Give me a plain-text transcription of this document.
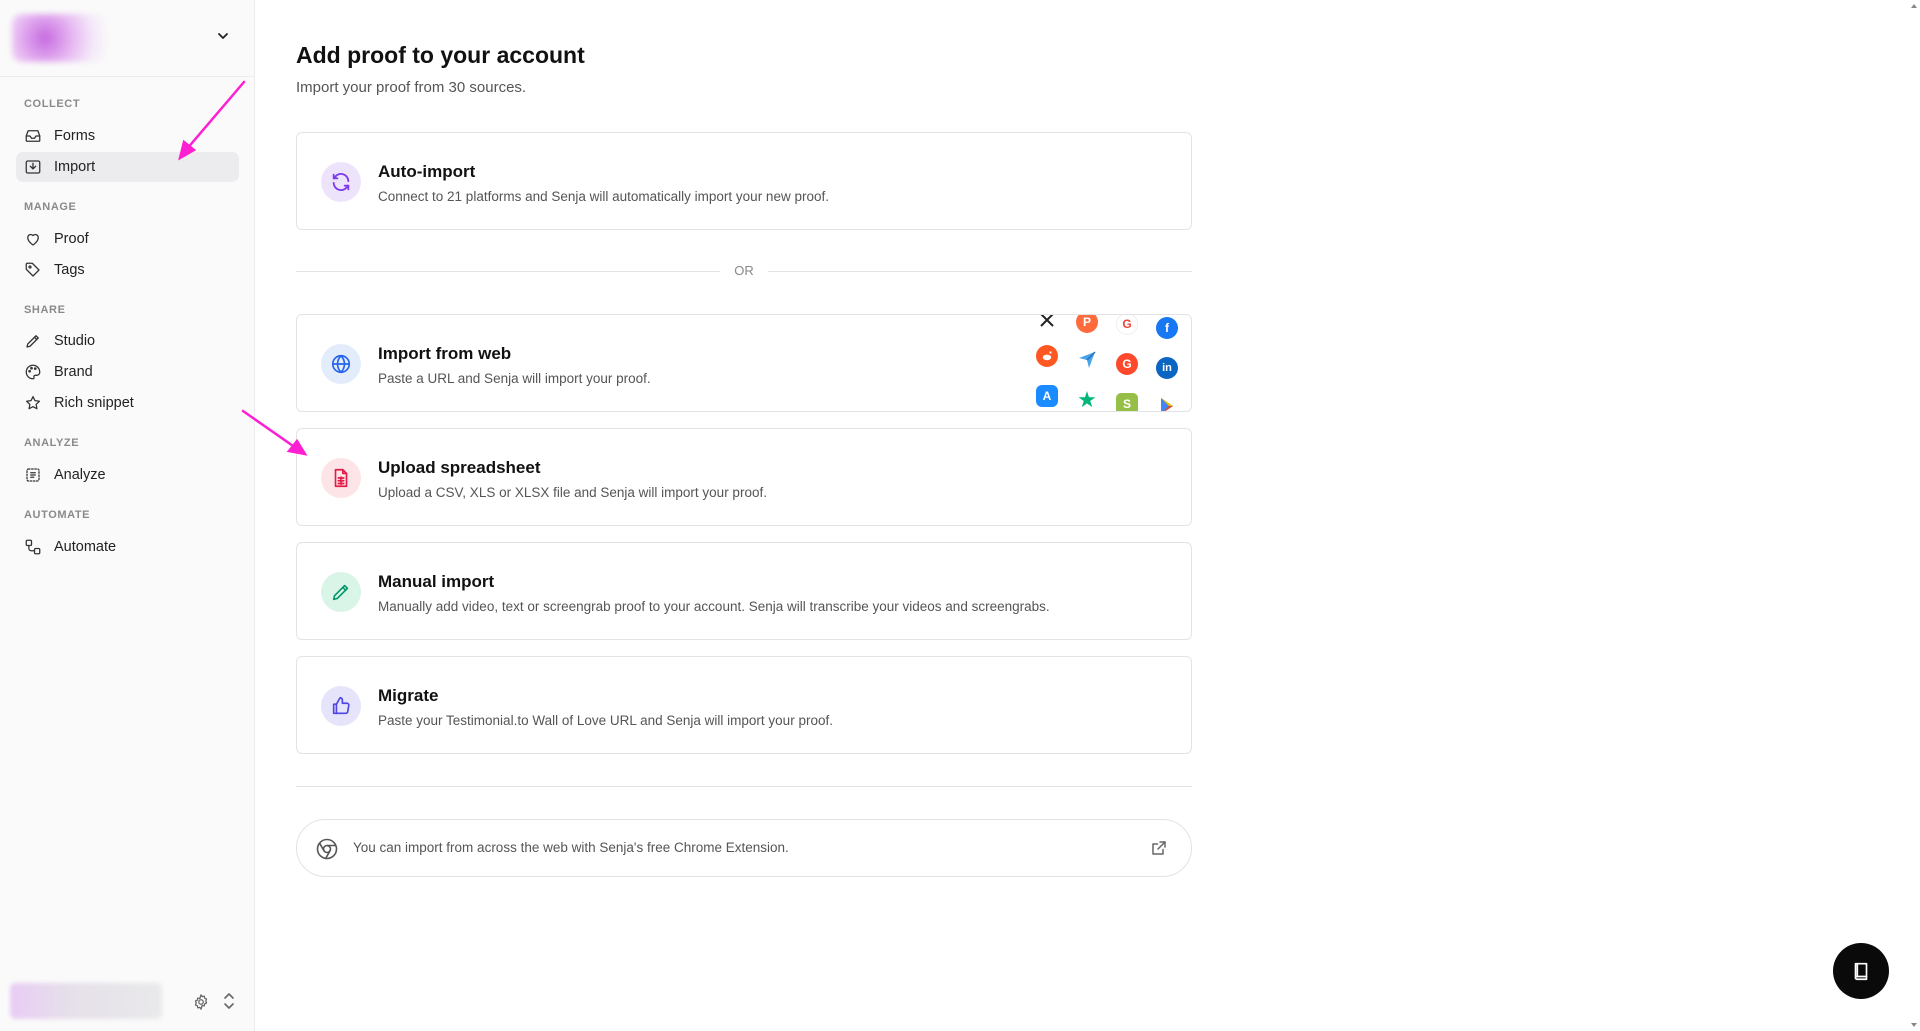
COLLECT
Forms
Import
MANAGE
Proof
Tags
SHARE
Studio
Brand
Rich snippet
ANALYZE
Analyze
AUTOMATE
Automate
Add proof to your account

Import your proof from 30 sources.

Auto-import
Connect to 21 platforms and Senja will automatically import your new proof.
OR
Import from web
Paste a URL and Senja will import your proof.
P	G	f
G	in
A	★	S
Upload spreadsheet
Upload a CSV, XLS or XLSX file and Senja will import your proof.
Manual import
Manually add video, text or screengrab proof to your account. Senja will transcribe your videos and screengrabs.
Migrate
Paste your Testimonial.to Wall of Love URL and Senja will import your proof.
You can import from across the web with Senja's free Chrome Extension.
